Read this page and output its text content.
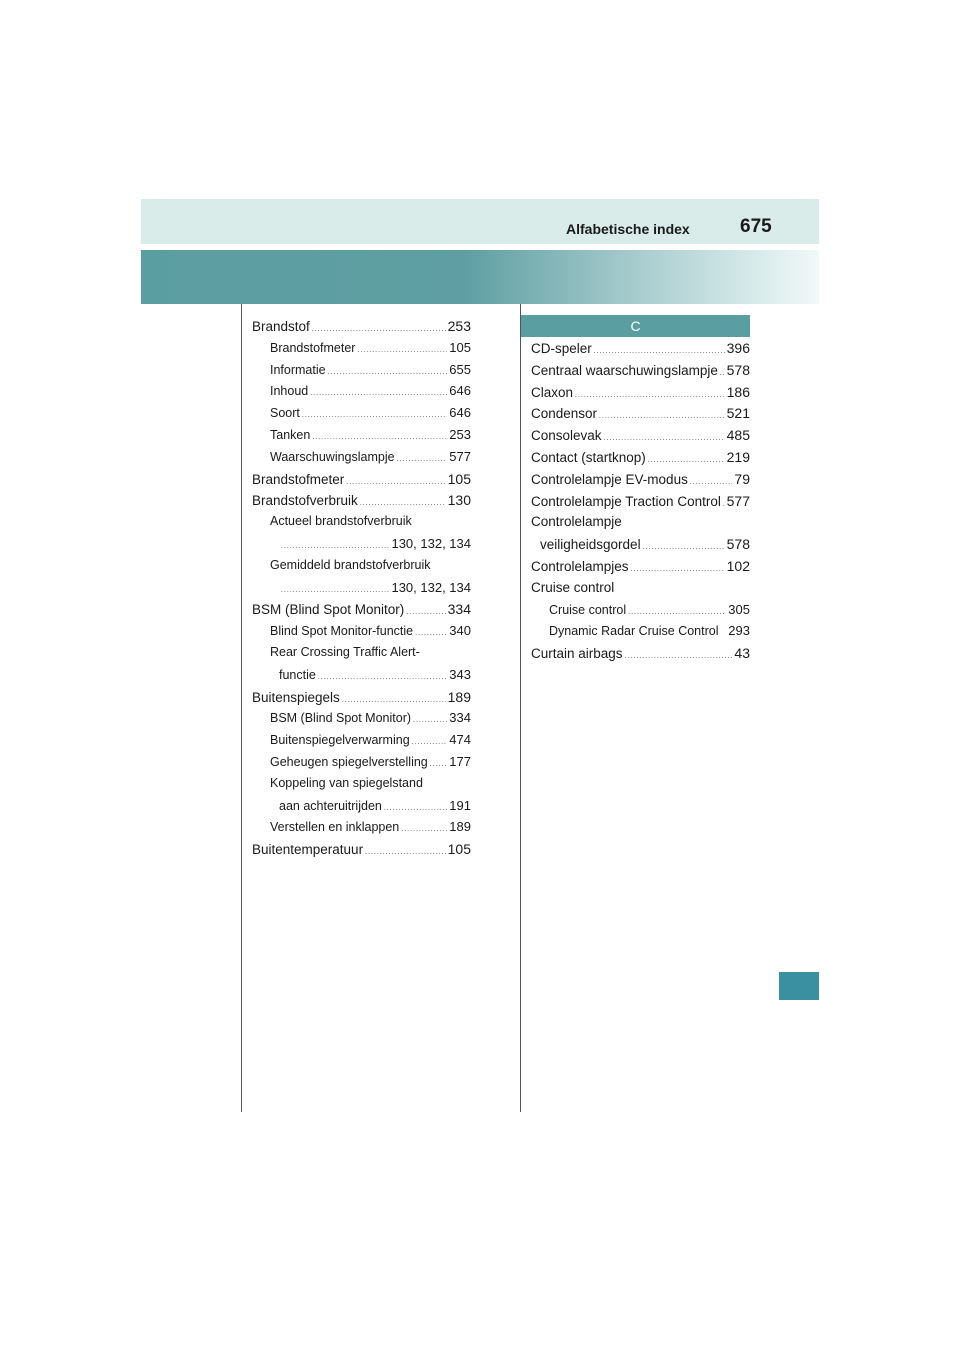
Alfabetische index	675
C
Brandstof .....	253
Brandstofmeter .....	105
Informatie .....	655
Inhoud .....	646
Soort .....	646
Tanken .....	253
Waarschuwingslampje .....	577
Brandstofmeter .....	105
Brandstofverbruik .....	130
Actueel brandstofverbruik
.....
130, 132, 134
Gemiddeld brandstofverbruik
.....
130, 132, 134
BSM (Blind Spot Monitor) .....	334
Blind Spot Monitor-functie .....	340
Rear Crossing Traffic Alert-
functie .....	343
Buitenspiegels .....	189
BSM (Blind Spot Monitor) .....	334
Buitenspiegelverwarming .....	474
Geheugen spiegelverstelling ..... 177
Koppeling van spiegelstand
aan achteruitrijden .....	191
Verstellen en inklappen .....	189
Buitentemperatuur .....	105
CD-speler .....	396
Centraal waarschuwingslampje ..... 578
Claxon .....	186
Condensor .....	521
Consolevak .....	485
Contact (startknop) .....	219
Controlelampje EV-modus .....	79
Controlelampje Traction Control ..... 577
Controlelampje
veiligheidsgordel .....	578
Controlelampjes .....	102
Cruise control
Cruise control .....	305
Dynamic Radar Cruise Control 293
Curtain airbags .....	43
